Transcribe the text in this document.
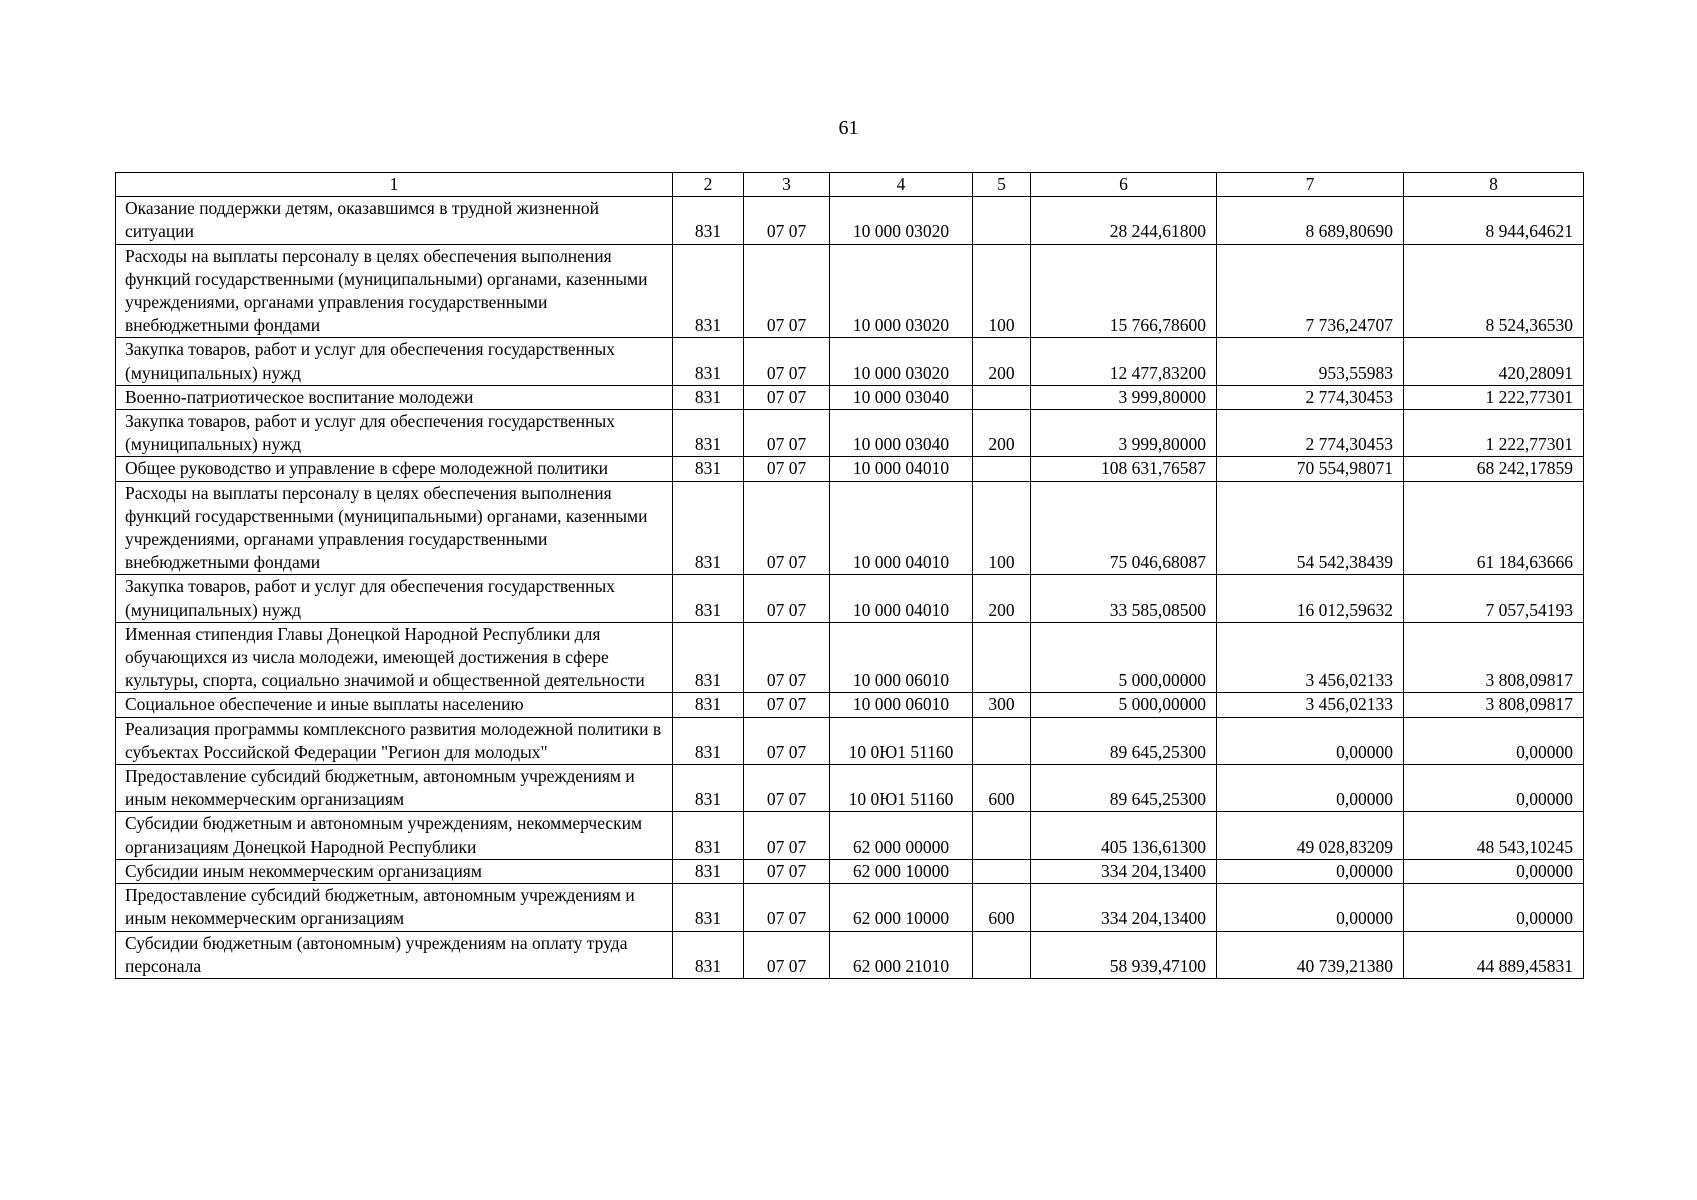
61
1	2	3	4	5	6	7	8
Оказание поддержки детям, оказавшимся в трудной жизненной ситуации	831	07 07	10 000 03020		28 244,61800	8 689,80690	8 944,64621
Расходы на выплаты персоналу в целях обеспечения выполнения функций государственными (муниципальными) органами, казенными учреждениями, органами управления государственными внебюджетными фондами	831	07 07	10 000 03020	100	15 766,78600	7 736,24707	8 524,36530
Закупка товаров, работ и услуг для обеспечения государственных (муниципальных) нужд	831	07 07	10 000 03020	200	12 477,83200	953,55983	420,28091
Военно-патриотическое воспитание молодежи	831	07 07	10 000 03040		3 999,80000	2 774,30453	1 222,77301
Закупка товаров, работ и услуг для обеспечения государственных (муниципальных) нужд	831	07 07	10 000 03040	200	3 999,80000	2 774,30453	1 222,77301
Общее руководство и управление в сфере молодежной политики	831	07 07	10 000 04010		108 631,76587	70 554,98071	68 242,17859
Расходы на выплаты персоналу в целях обеспечения выполнения функций государственными (муниципальными) органами, казенными учреждениями, органами управления государственными внебюджетными фондами	831	07 07	10 000 04010	100	75 046,68087	54 542,38439	61 184,63666
Закупка товаров, работ и услуг для обеспечения государственных (муниципальных) нужд	831	07 07	10 000 04010	200	33 585,08500	16 012,59632	7 057,54193
Именная стипендия Главы Донецкой Народной Республики для обучающихся из числа молодежи, имеющей достижения в сфере культуры, спорта, социально значимой и общественной деятельности	831	07 07	10 000 06010		5 000,00000	3 456,02133	3 808,09817
Социальное обеспечение и иные выплаты населению	831	07 07	10 000 06010	300	5 000,00000	3 456,02133	3 808,09817
Реализация программы комплексного развития молодежной политики в субъектах Российской Федерации "Регион для молодых"	831	07 07	10 0Ю1 51160		89 645,25300	0,00000	0,00000
Предоставление субсидий бюджетным, автономным учреждениям и иным некоммерческим организациям	831	07 07	10 0Ю1 51160	600	89 645,25300	0,00000	0,00000
Субсидии бюджетным и автономным учреждениям, некоммерческим организациям Донецкой Народной Республики	831	07 07	62 000 00000		405 136,61300	49 028,83209	48 543,10245
Субсидии иным некоммерческим организациям	831	07 07	62 000 10000		334 204,13400	0,00000	0,00000
Предоставление субсидий бюджетным, автономным учреждениям и иным некоммерческим организациям	831	07 07	62 000 10000	600	334 204,13400	0,00000	0,00000
Субсидии бюджетным (автономным) учреждениям на оплату труда персонала	831	07 07	62 000 21010		58 939,47100	40 739,21380	44 889,45831
